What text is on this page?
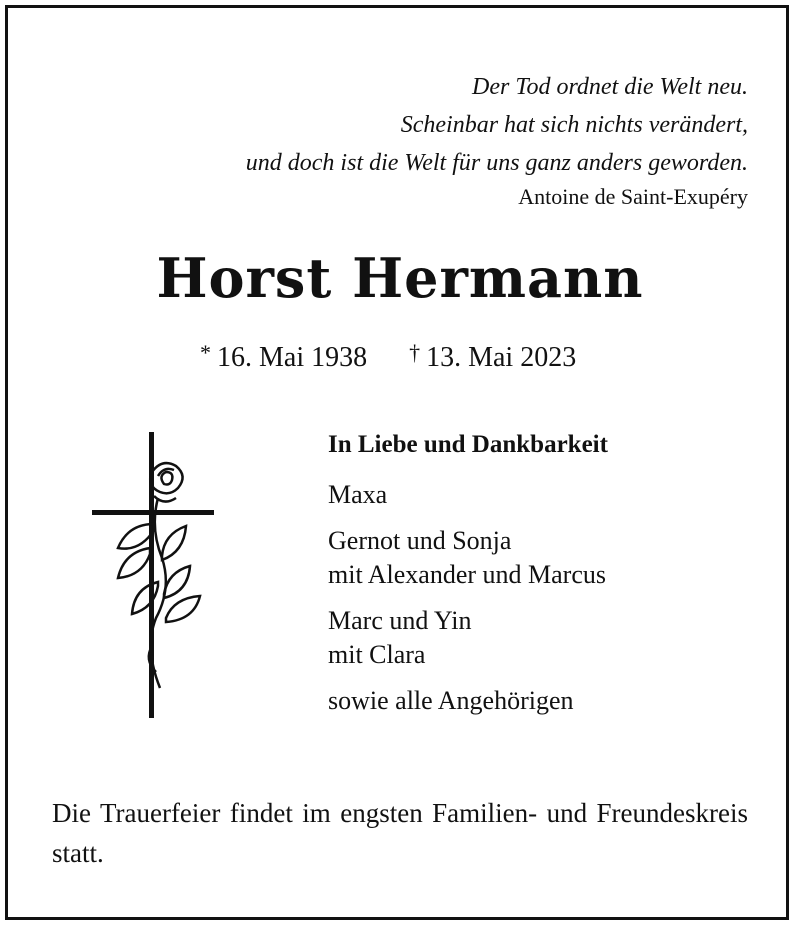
Der Tod ordnet die Welt neu.
Scheinbar hat sich nichts verändert,
und doch ist die Welt für uns ganz anders geworden.
Antoine de Saint-Exupéry
Horst Hermann
* 16. Mai 1938 † 13. Mai 2023
In Liebe und Dankbarkeit
Maxa
Gernot und Sonja
mit Alexander und Marcus
Marc und Yin
mit Clara
sowie alle Angehörigen
Die Trauerfeier findet im engsten Familien- und Freundeskreis statt.
